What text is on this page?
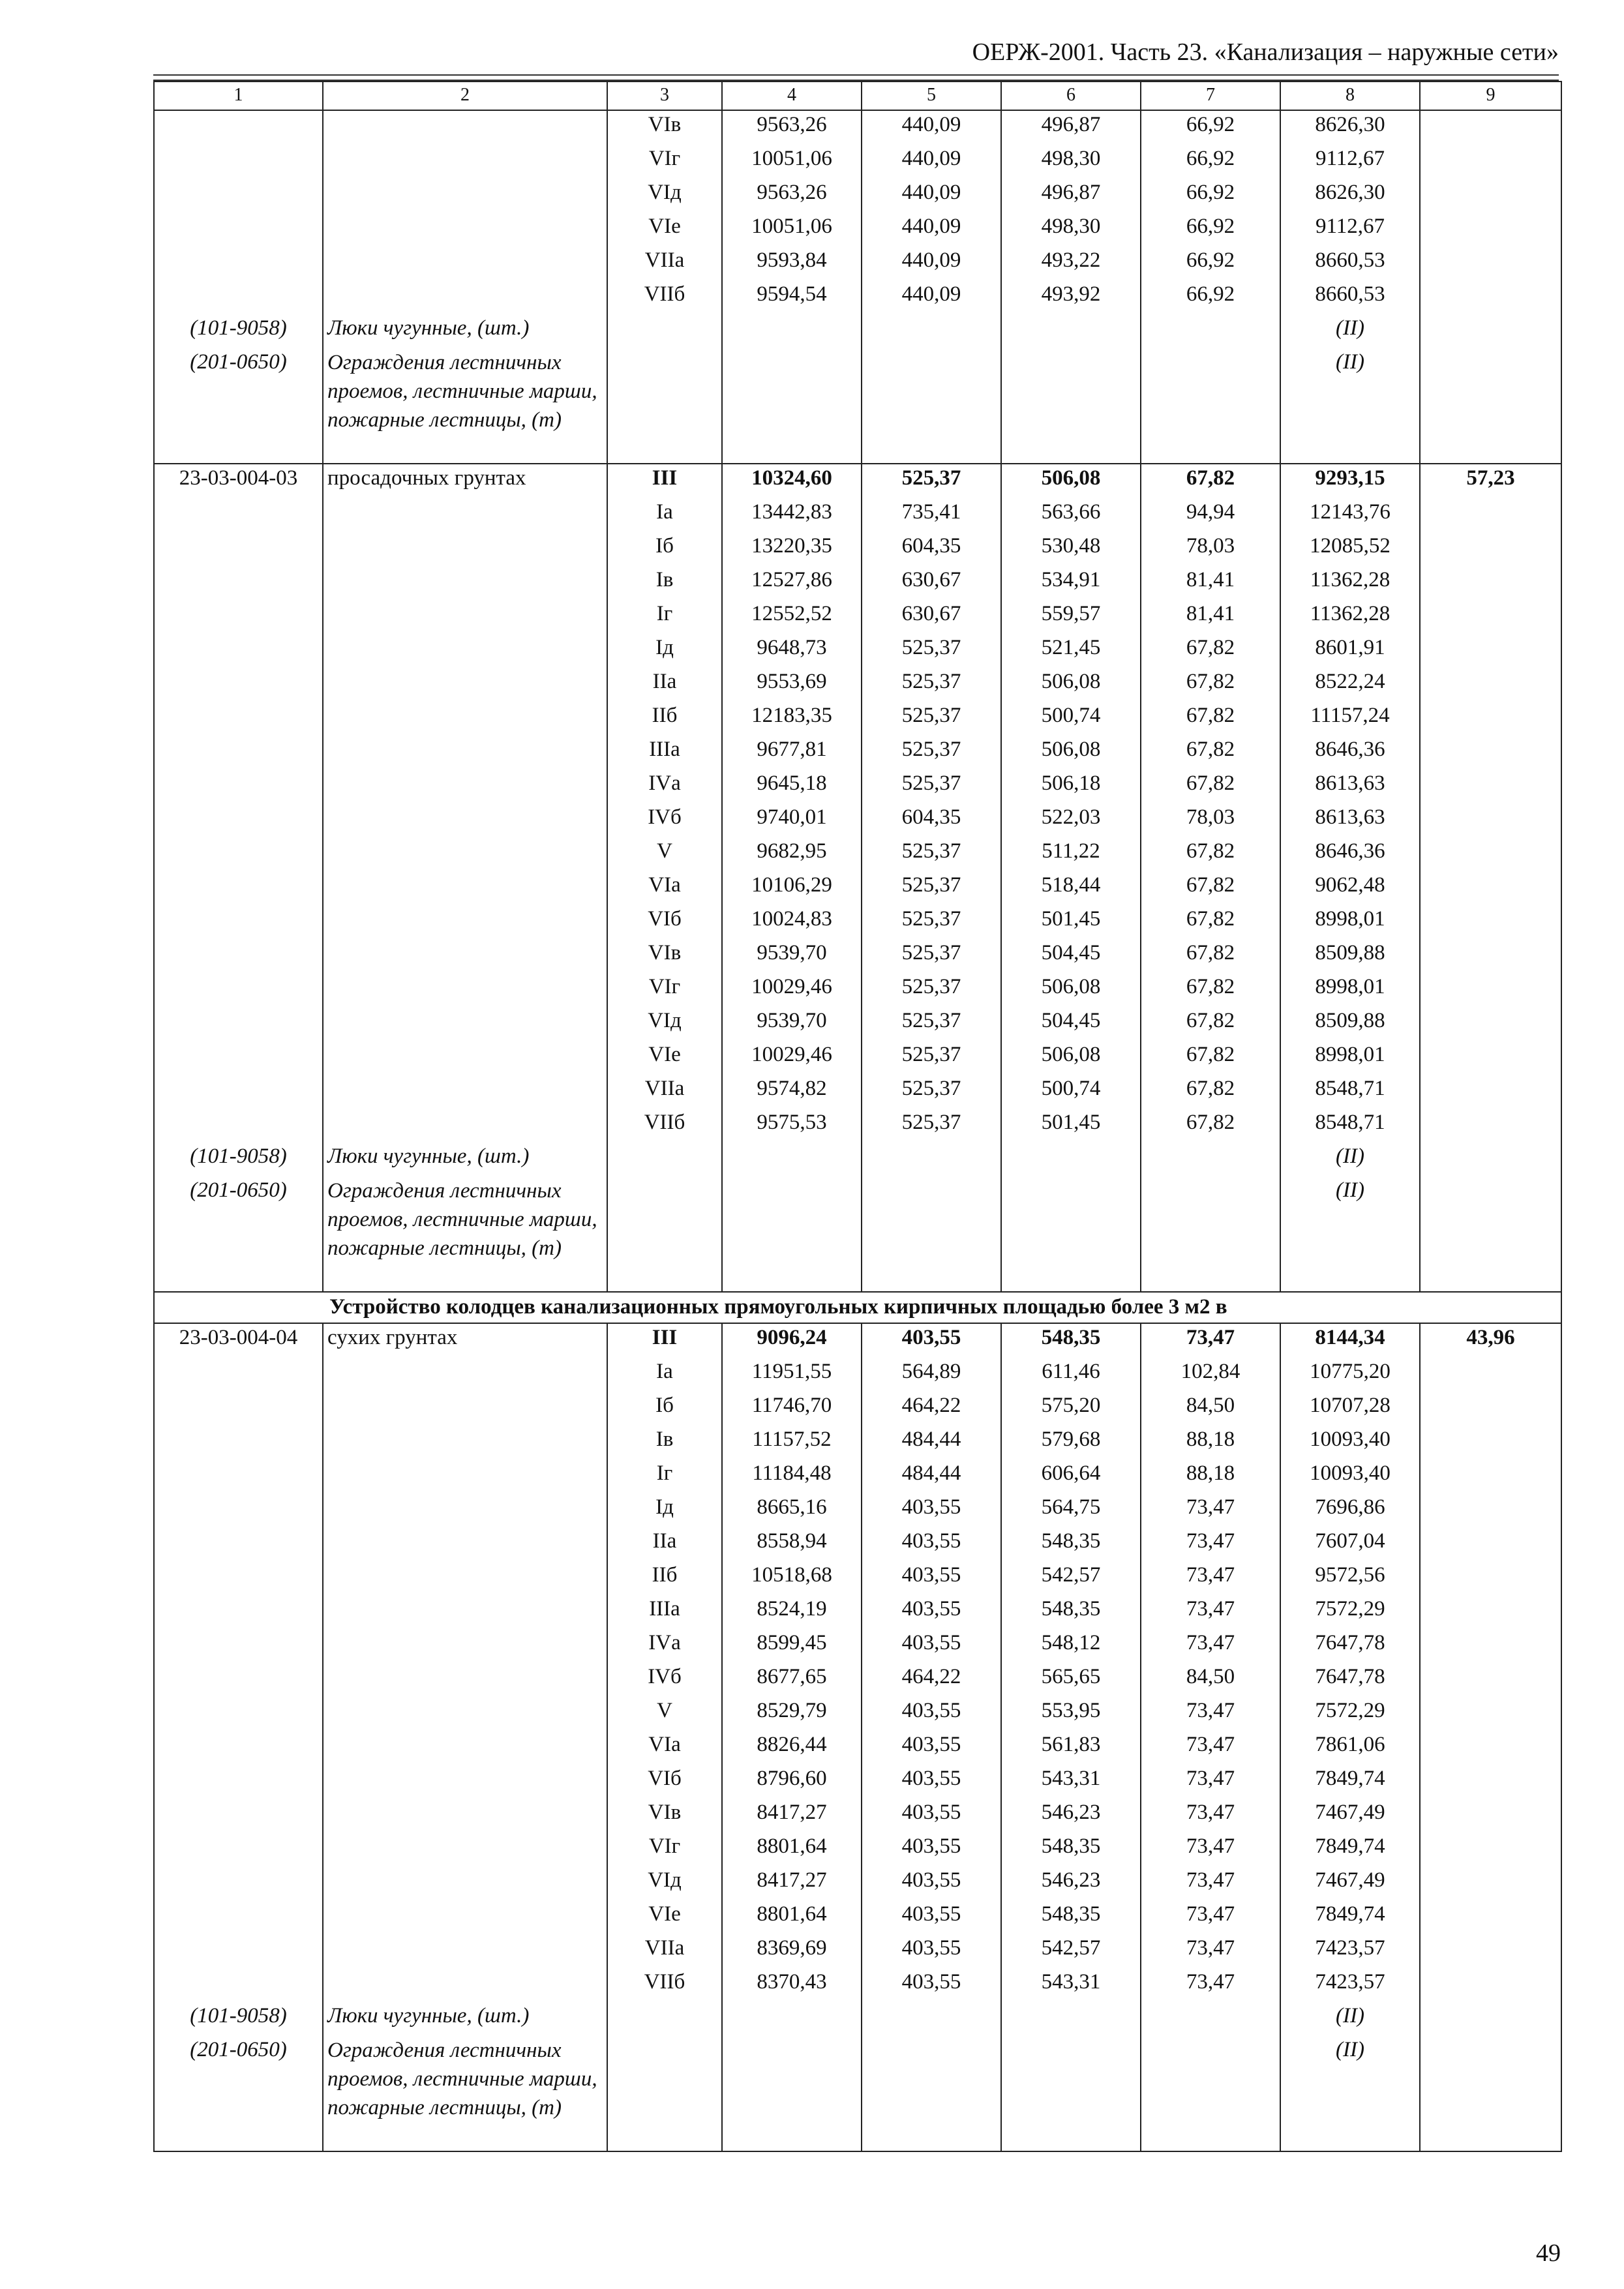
ОЕРЖ-2001. Часть 23. «Канализация – наружные сети»
1	2	3	4	5	6	7	8	9
		VIв	9563,26	440,09	496,87	66,92	8626,30	
		VIг	10051,06	440,09	498,30	66,92	9112,67	
		VIд	9563,26	440,09	496,87	66,92	8626,30	
		VIе	10051,06	440,09	498,30	66,92	9112,67	
		VIIа	9593,84	440,09	493,22	66,92	8660,53	
		VIIб	9594,54	440,09	493,92	66,92	8660,53	
(101-9058)	Люки чугунные, (шт.)						(II)	
(201-0650)	Ограждения лестничных проемов, лестничные марши, пожарные лестницы, (т)						(II)	
23-03-004-03	просадочных грунтах	III	10324,60	525,37	506,08	67,82	9293,15	57,23
		Iа	13442,83	735,41	563,66	94,94	12143,76	
		Iб	13220,35	604,35	530,48	78,03	12085,52	
		Iв	12527,86	630,67	534,91	81,41	11362,28	
		Iг	12552,52	630,67	559,57	81,41	11362,28	
		Iд	9648,73	525,37	521,45	67,82	8601,91	
		IIа	9553,69	525,37	506,08	67,82	8522,24	
		IIб	12183,35	525,37	500,74	67,82	11157,24	
		IIIа	9677,81	525,37	506,08	67,82	8646,36	
		IVа	9645,18	525,37	506,18	67,82	8613,63	
		IVб	9740,01	604,35	522,03	78,03	8613,63	
		V	9682,95	525,37	511,22	67,82	8646,36	
		VIа	10106,29	525,37	518,44	67,82	9062,48	
		VIб	10024,83	525,37	501,45	67,82	8998,01	
		VIв	9539,70	525,37	504,45	67,82	8509,88	
		VIг	10029,46	525,37	506,08	67,82	8998,01	
		VIд	9539,70	525,37	504,45	67,82	8509,88	
		VIе	10029,46	525,37	506,08	67,82	8998,01	
		VIIа	9574,82	525,37	500,74	67,82	8548,71	
		VIIб	9575,53	525,37	501,45	67,82	8548,71	
(101-9058)	Люки чугунные, (шт.)						(II)	
(201-0650)	Ограждения лестничных проемов, лестничные марши, пожарные лестницы, (т)						(II)	
Устройство колодцев канализационных прямоугольных кирпичных площадью более 3 м2 в								
23-03-004-04	сухих грунтах	III	9096,24	403,55	548,35	73,47	8144,34	43,96
		Iа	11951,55	564,89	611,46	102,84	10775,20	
		Iб	11746,70	464,22	575,20	84,50	10707,28	
		Iв	11157,52	484,44	579,68	88,18	10093,40	
		Iг	11184,48	484,44	606,64	88,18	10093,40	
		Iд	8665,16	403,55	564,75	73,47	7696,86	
		IIа	8558,94	403,55	548,35	73,47	7607,04	
		IIб	10518,68	403,55	542,57	73,47	9572,56	
		IIIа	8524,19	403,55	548,35	73,47	7572,29	
		IVа	8599,45	403,55	548,12	73,47	7647,78	
		IVб	8677,65	464,22	565,65	84,50	7647,78	
		V	8529,79	403,55	553,95	73,47	7572,29	
		VIа	8826,44	403,55	561,83	73,47	7861,06	
		VIб	8796,60	403,55	543,31	73,47	7849,74	
		VIв	8417,27	403,55	546,23	73,47	7467,49	
		VIг	8801,64	403,55	548,35	73,47	7849,74	
		VIд	8417,27	403,55	546,23	73,47	7467,49	
		VIе	8801,64	403,55	548,35	73,47	7849,74	
		VIIа	8369,69	403,55	542,57	73,47	7423,57	
		VIIб	8370,43	403,55	543,31	73,47	7423,57	
(101-9058)	Люки чугунные, (шт.)						(II)	
(201-0650)	Ограждения лестничных проемов, лестничные марши, пожарные лестницы, (т)						(II)	
49
